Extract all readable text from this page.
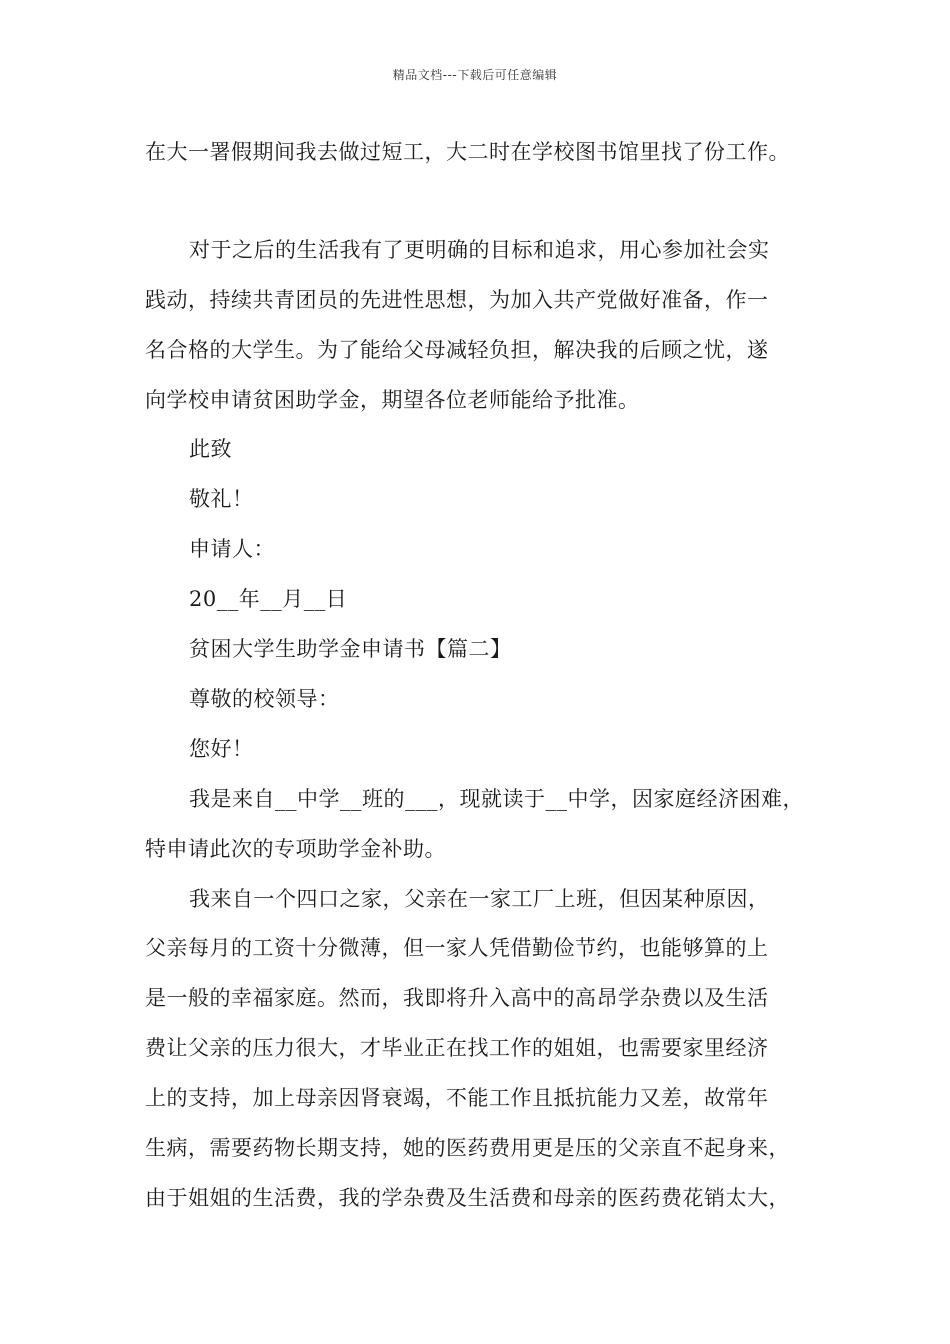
精品文档---下载后可任意编辑
在大一署假期间我去做过短工，大二时在学校图书馆里找了份工作。
对于之后的生活我有了更明确的目标和追求，用心参加社会实
践动，持续共青团员的先进性思想，为加入共产党做好准备，作一
名合格的大学生。为了能给父母减轻负担，解决我的后顾之忧，遂
向学校申请贫困助学金，期望各位老师能给予批准。
此致
敬礼！
申请人：
20__年__月__日
贫困大学生助学金申请书【篇二】
尊敬的校领导：
您好！
我是来自__中学__班的___，现就读于__中学，因家庭经济困难，
特申请此次的专项助学金补助。
我来自一个四口之家，父亲在一家工厂上班，但因某种原因，
父亲每月的工资十分微薄，但一家人凭借勤俭节约，也能够算的上
是一般的幸福家庭。然而，我即将升入高中的高昂学杂费以及生活
费让父亲的压力很大，才毕业正在找工作的姐姐，也需要家里经济
上的支持，加上母亲因肾衰竭，不能工作且抵抗能力又差，故常年
生病，需要药物长期支持，她的医药费用更是压的父亲直不起身来，
由于姐姐的生活费，我的学杂费及生活费和母亲的医药费花销太大，
